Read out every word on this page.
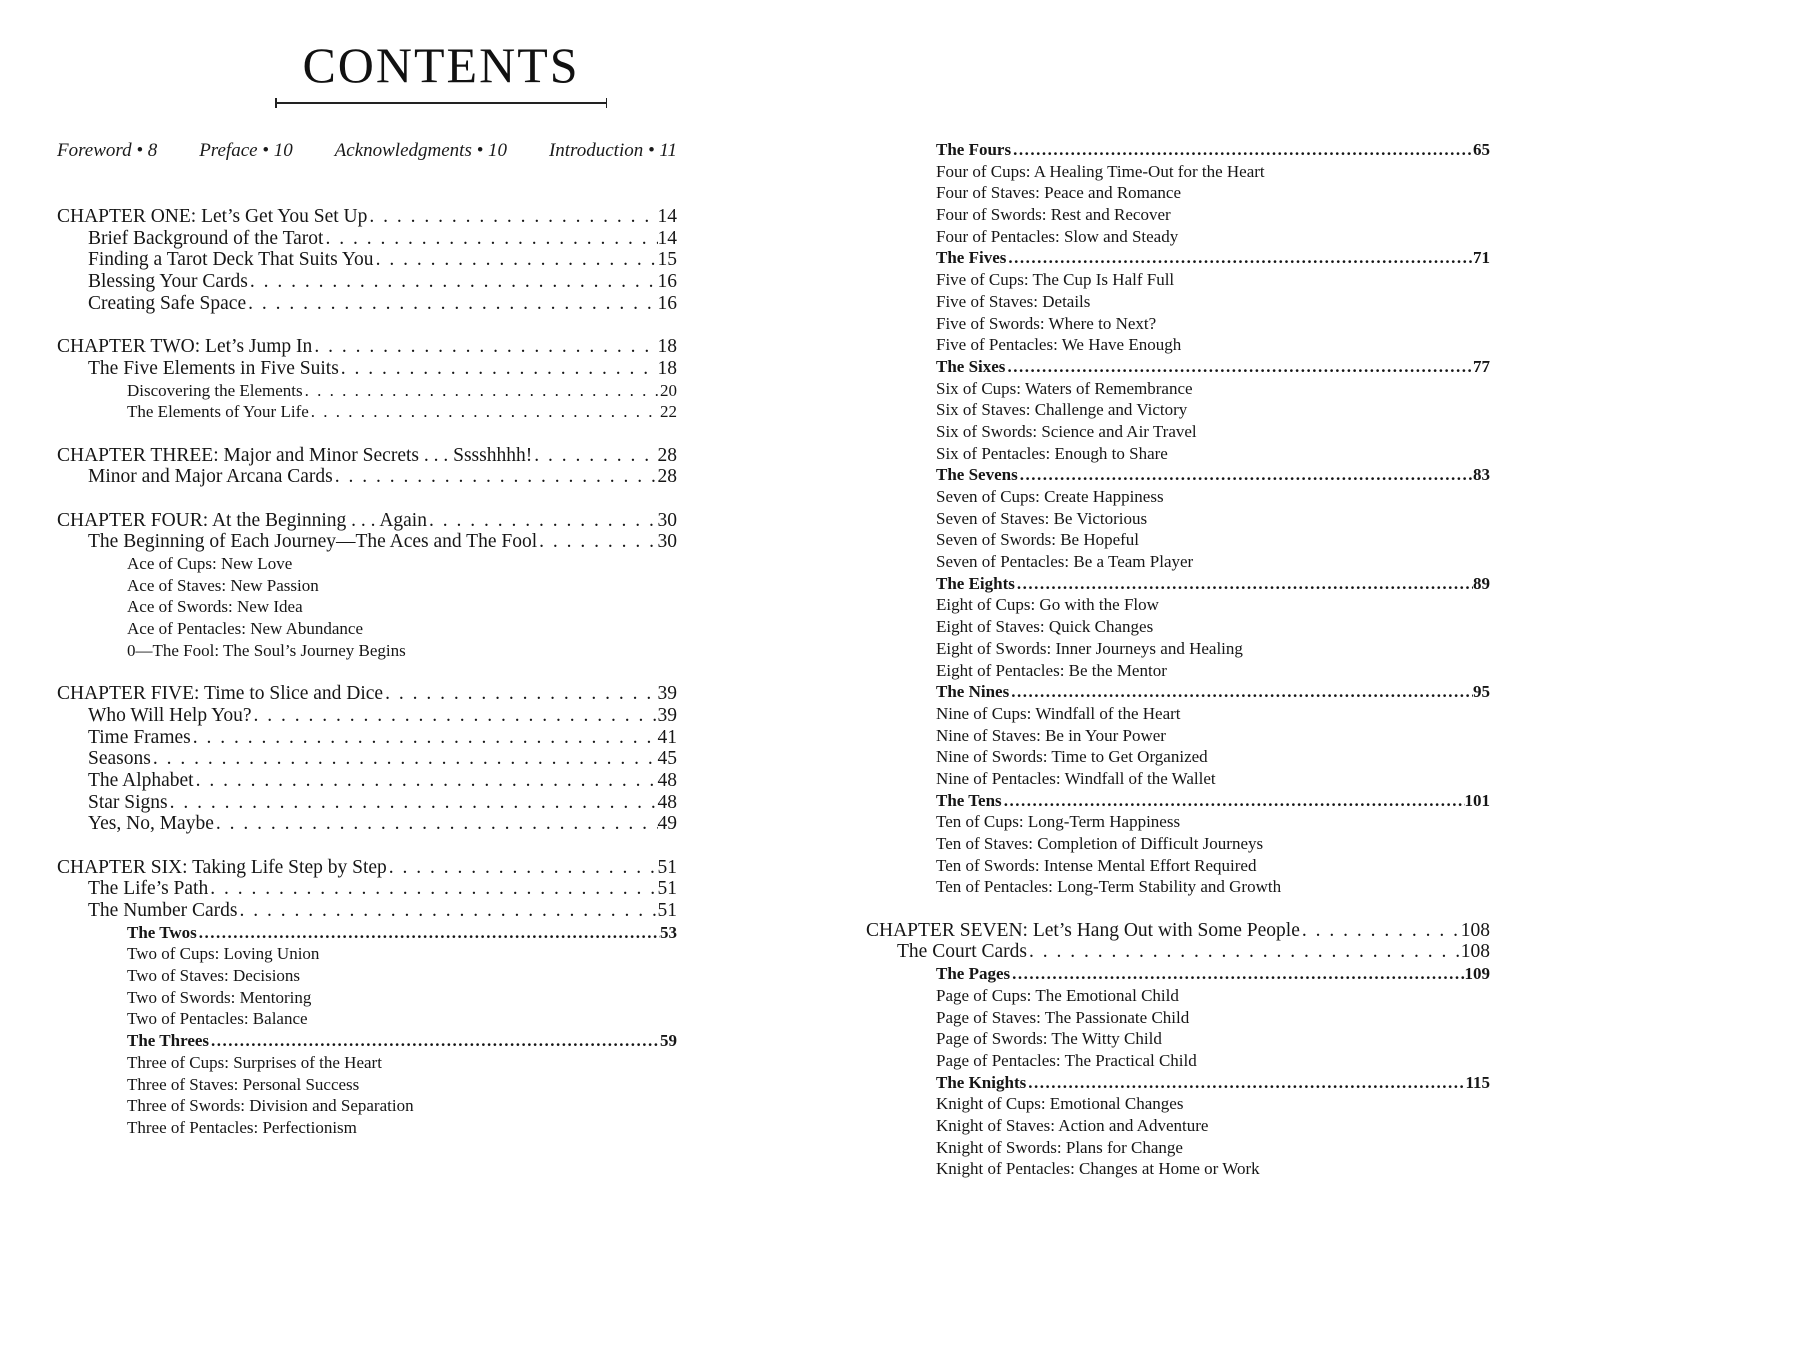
CONTENTS
Foreword • 8 Preface • 10 Acknowledgments • 10 Introduction • 11
CHAPTER ONE: Let’s Get You Set Up . . .	14
Brief Background of the Tarot . . .	14
Finding a Tarot Deck That Suits You . . .	15
Blessing Your Cards . . .	16
Creating Safe Space . . .	16
CHAPTER TWO: Let’s Jump In . . .	18
The Five Elements in Five Suits . . .	18
Discovering the Elements . . .	20
The Elements of Your Life . . .	22
CHAPTER THREE: Major and Minor Secrets . . . Sssshhhh! . . .	28
Minor and Major Arcana Cards . . .	28
CHAPTER FOUR: At the Beginning . . . Again . . .	30
The Beginning of Each Journey—The Aces and The Fool . . .	30
Ace of Cups: New Love
Ace of Staves: New Passion
Ace of Swords: New Idea
Ace of Pentacles: New Abundance
0—The Fool: The Soul’s Journey Begins
CHAPTER FIVE: Time to Slice and Dice . . .	39
Who Will Help You? . . .	39
Time Frames . . .	41
Seasons . . .	45
The Alphabet . . .	48
Star Signs . . .	48
Yes, No, Maybe . . .	49
CHAPTER SIX: Taking Life Step by Step . . .	51
The Life’s Path . . .	51
The Number Cards . . .	51
The Twos .....	53
Two of Cups: Loving Union
Two of Staves: Decisions
Two of Swords: Mentoring
Two of Pentacles: Balance
The Threes .....	59
Three of Cups: Surprises of the Heart
Three of Staves: Personal Success
Three of Swords: Division and Separation
Three of Pentacles: Perfectionism
The Fours .....	65
Four of Cups: A Healing Time-Out for the Heart
Four of Staves: Peace and Romance
Four of Swords: Rest and Recover
Four of Pentacles: Slow and Steady
The Fives .....	71
Five of Cups: The Cup Is Half Full
Five of Staves: Details
Five of Swords: Where to Next?
Five of Pentacles: We Have Enough
The Sixes .....	77
Six of Cups: Waters of Remembrance
Six of Staves: Challenge and Victory
Six of Swords: Science and Air Travel
Six of Pentacles: Enough to Share
The Sevens .....	83
Seven of Cups: Create Happiness
Seven of Staves: Be Victorious
Seven of Swords: Be Hopeful
Seven of Pentacles: Be a Team Player
The Eights .....	89
Eight of Cups: Go with the Flow
Eight of Staves: Quick Changes
Eight of Swords: Inner Journeys and Healing
Eight of Pentacles: Be the Mentor
The Nines .....	95
Nine of Cups: Windfall of the Heart
Nine of Staves: Be in Your Power
Nine of Swords: Time to Get Organized
Nine of Pentacles: Windfall of the Wallet
The Tens .....	101
Ten of Cups: Long-Term Happiness
Ten of Staves: Completion of Difficult Journeys
Ten of Swords: Intense Mental Effort Required
Ten of Pentacles: Long-Term Stability and Growth
CHAPTER SEVEN: Let’s Hang Out with Some People . . .	108
The Court Cards . . .	108
The Pages .....	109
Page of Cups: The Emotional Child
Page of Staves: The Passionate Child
Page of Swords: The Witty Child
Page of Pentacles: The Practical Child
The Knights .....	115
Knight of Cups: Emotional Changes
Knight of Staves: Action and Adventure
Knight of Swords: Plans for Change
Knight of Pentacles: Changes at Home or Work
